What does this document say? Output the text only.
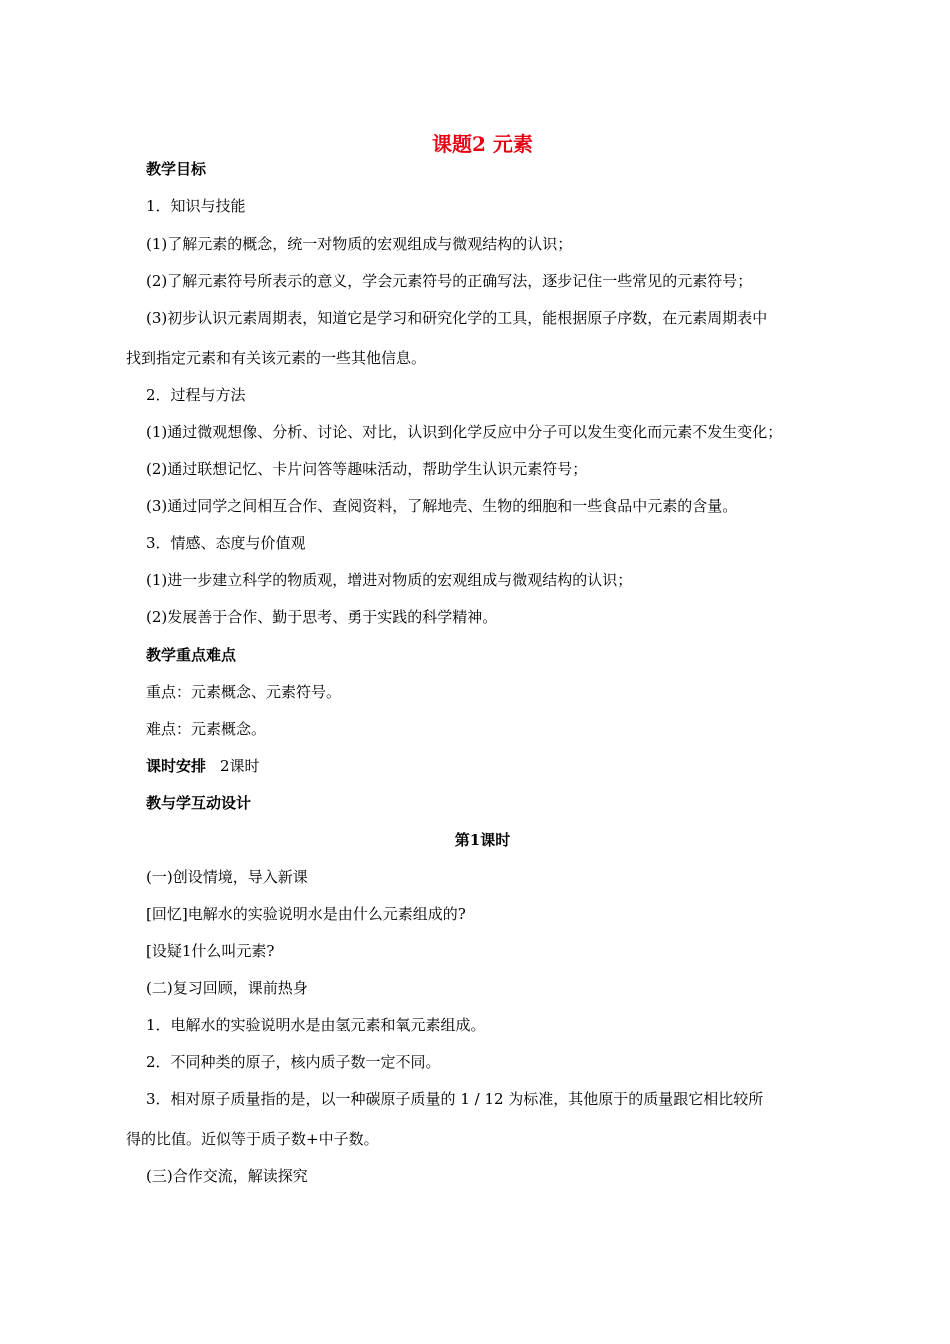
课题2 元素
教学目标
1．知识与技能
(1)了解元素的概念，统一对物质的宏观组成与微观结构的认识；
(2)了解元素符号所表示的意义，学会元素符号的正确写法，逐步记住一些常见的元素符号；
(3)初步认识元素周期表，知道它是学习和研究化学的工具，能根据原子序数，在元素周期表中
找到指定元素和有关该元素的一些其他信息。
2．过程与方法
(1)通过微观想像、分析、讨论、对比，认识到化学反应中分子可以发生变化而元素不发生变化；
(2)通过联想记忆、卡片问答等趣味活动，帮助学生认识元素符号；
(3)通过同学之间相互合作、查阅资料，了解地壳、生物的细胞和一些食品中元素的含量。
3．情感、态度与价值观
(1)进一步建立科学的物质观，增进对物质的宏观组成与微观结构的认识；
(2)发展善于合作、勤于思考、勇于实践的科学精神。
教学重点难点
重点：元素概念、元素符号。
难点：元素概念。
课时安排 2课时
教与学互动设计
第1课时
(一)创设情境，导入新课
[回忆]电解水的实验说明水是由什么元素组成的?
[设疑1什么叫元素?
(二)复习回顾，课前热身
1．电解水的实验说明水是由氢元素和氧元素组成。
2．不同种类的原子，核内质子数一定不同。
3．相对原子质量指的是，以一种碳原子质量的 1 / 12 为标准，其他原于的质量跟它相比较所
得的比值。近似等于质子数+中子数。
(三)合作交流，解读探究
